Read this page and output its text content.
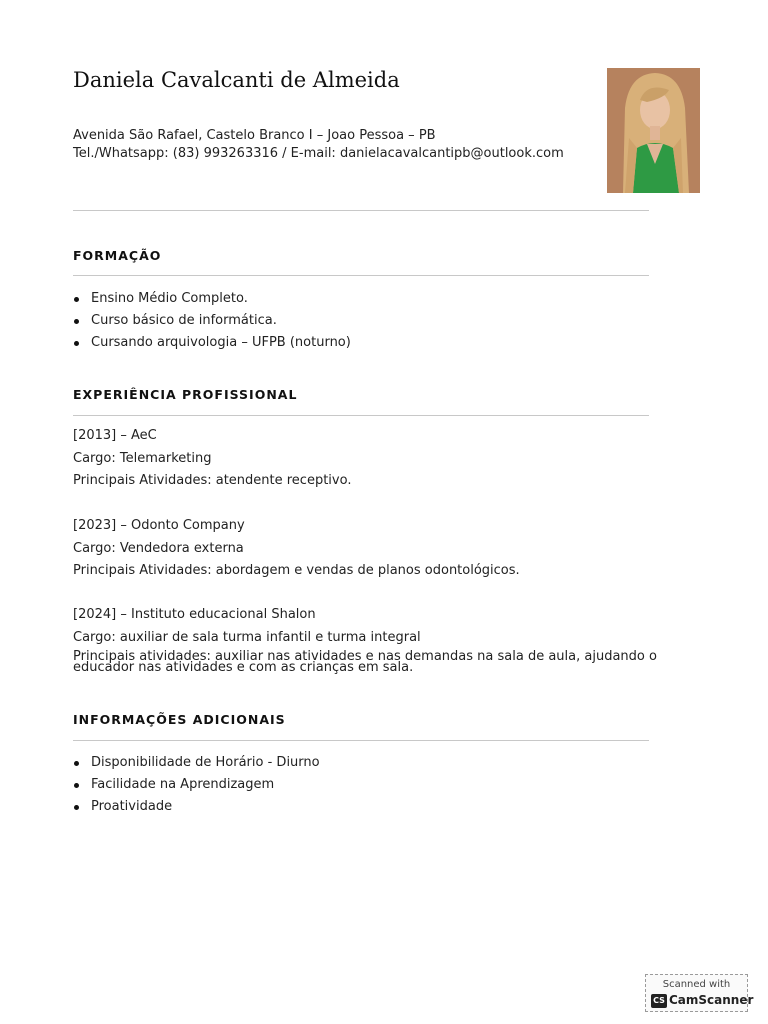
Daniela Cavalcanti de Almeida
Avenida São Rafael, Castelo Branco I – Joao Pessoa – PB
Tel./Whatsapp: (83) 993263316 / E-mail: danielacavalcantipb@outlook.com
FORMAÇÃO
Ensino Médio Completo.
Curso básico de informática.
Cursando arquivologia – UFPB (noturno)
EXPERIÊNCIA PROFISSIONAL
[2013] – AeC
Cargo: Telemarketing
Principais Atividades: atendente receptivo.
[2023] – Odonto Company
Cargo: Vendedora externa
Principais Atividades: abordagem e vendas de planos odontológicos.
[2024] – Instituto educacional Shalon
Cargo: auxiliar de sala turma infantil e turma integral
Principais atividades: auxiliar nas atividades e nas demandas na sala de aula, ajudando o educador nas atividades e com as crianças em sala.
INFORMAÇÕES ADICIONAIS
Disponibilidade de Horário - Diurno
Facilidade na Aprendizagem
Proatividade
Scanned with
CS CamScanner
